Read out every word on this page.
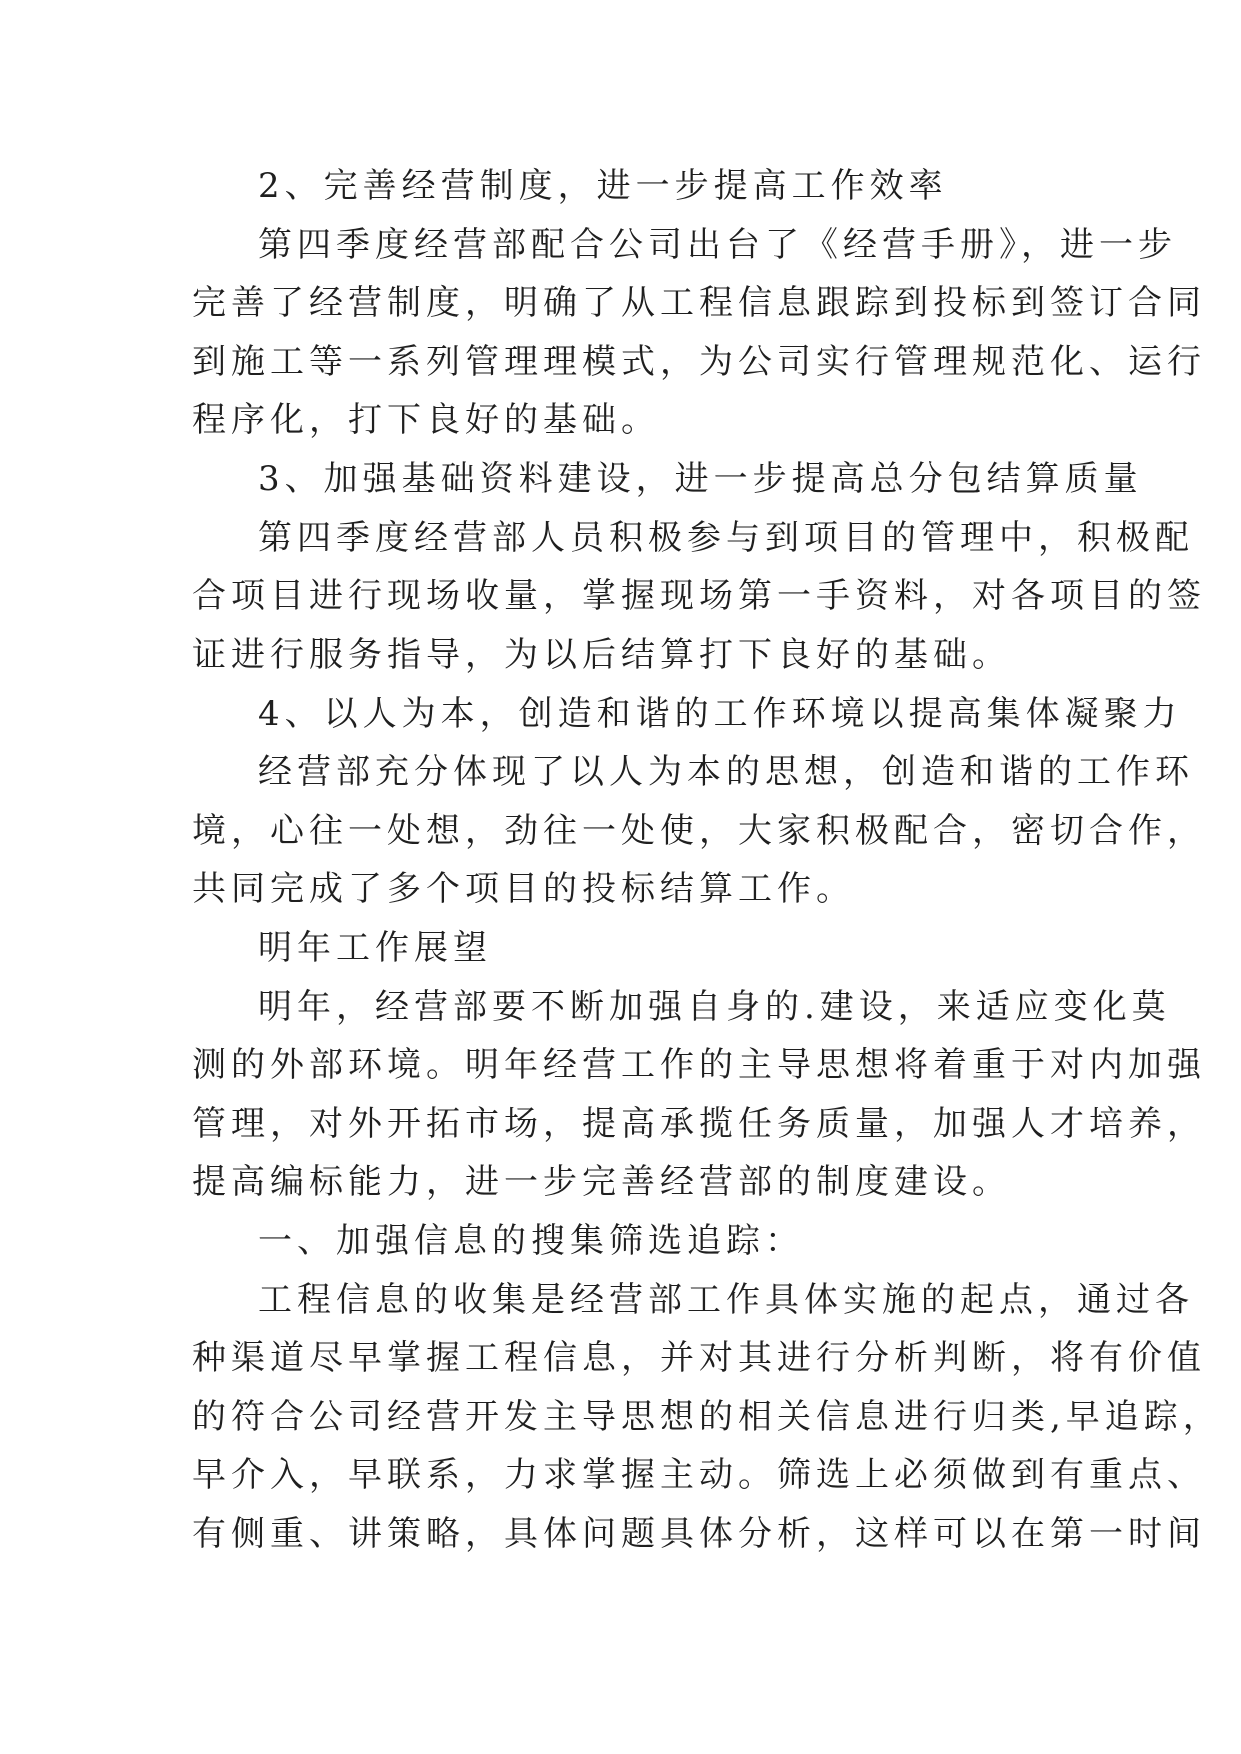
2、完善经营制度，进一步提高工作效率
第四季度经营部配合公司出台了《经营手册》，进一步
完善了经营制度，明确了从工程信息跟踪到投标到签订合同
到施工等一系列管理理模式，为公司实行管理规范化、运行
程序化，打下良好的基础。
3、加强基础资料建设，进一步提高总分包结算质量
第四季度经营部人员积极参与到项目的管理中，积极配
合项目进行现场收量，掌握现场第一手资料，对各项目的签
证进行服务指导，为以后结算打下良好的基础。
4、以人为本，创造和谐的工作环境以提高集体凝聚力
经营部充分体现了以人为本的思想，创造和谐的工作环
境，心往一处想，劲往一处使，大家积极配合，密切合作，
共同完成了多个项目的投标结算工作。
明年工作展望
明年，经营部要不断加强自身的.建设，来适应变化莫
测的外部环境。明年经营工作的主导思想将着重于对内加强
管理，对外开拓市场，提高承揽任务质量，加强人才培养，
提高编标能力，进一步完善经营部的制度建设。
一、加强信息的搜集筛选追踪：
工程信息的收集是经营部工作具体实施的起点，通过各
种渠道尽早掌握工程信息，并对其进行分析判断，将有价值
的符合公司经营开发主导思想的相关信息进行归类,早追踪，
早介入，早联系，力求掌握主动。筛选上必须做到有重点、
有侧重、讲策略，具体问题具体分析，这样可以在第一时间
